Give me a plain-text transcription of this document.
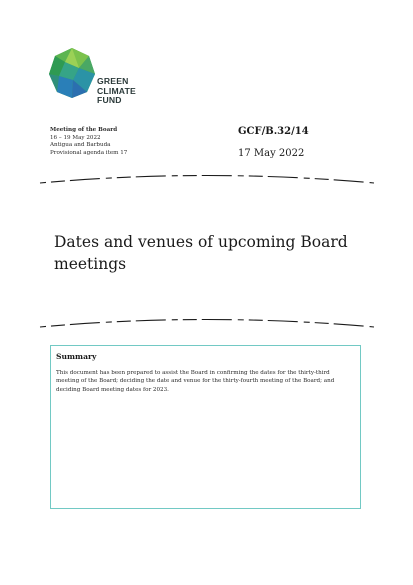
GREEN
CLIMATE
FUND
Meeting of the Board
16 – 19 May 2022
Antigua and Barbuda
Provisional agenda item 17
GCF/B.32/14
17 May 2022
Dates and venues of upcoming Board meetings
Summary
This document has been prepared to assist the Board in confirming the dates for the thirty-third meeting of the Board; deciding the date and venue for the thirty-fourth meeting of the Board; and deciding Board meeting dates for 2023.
